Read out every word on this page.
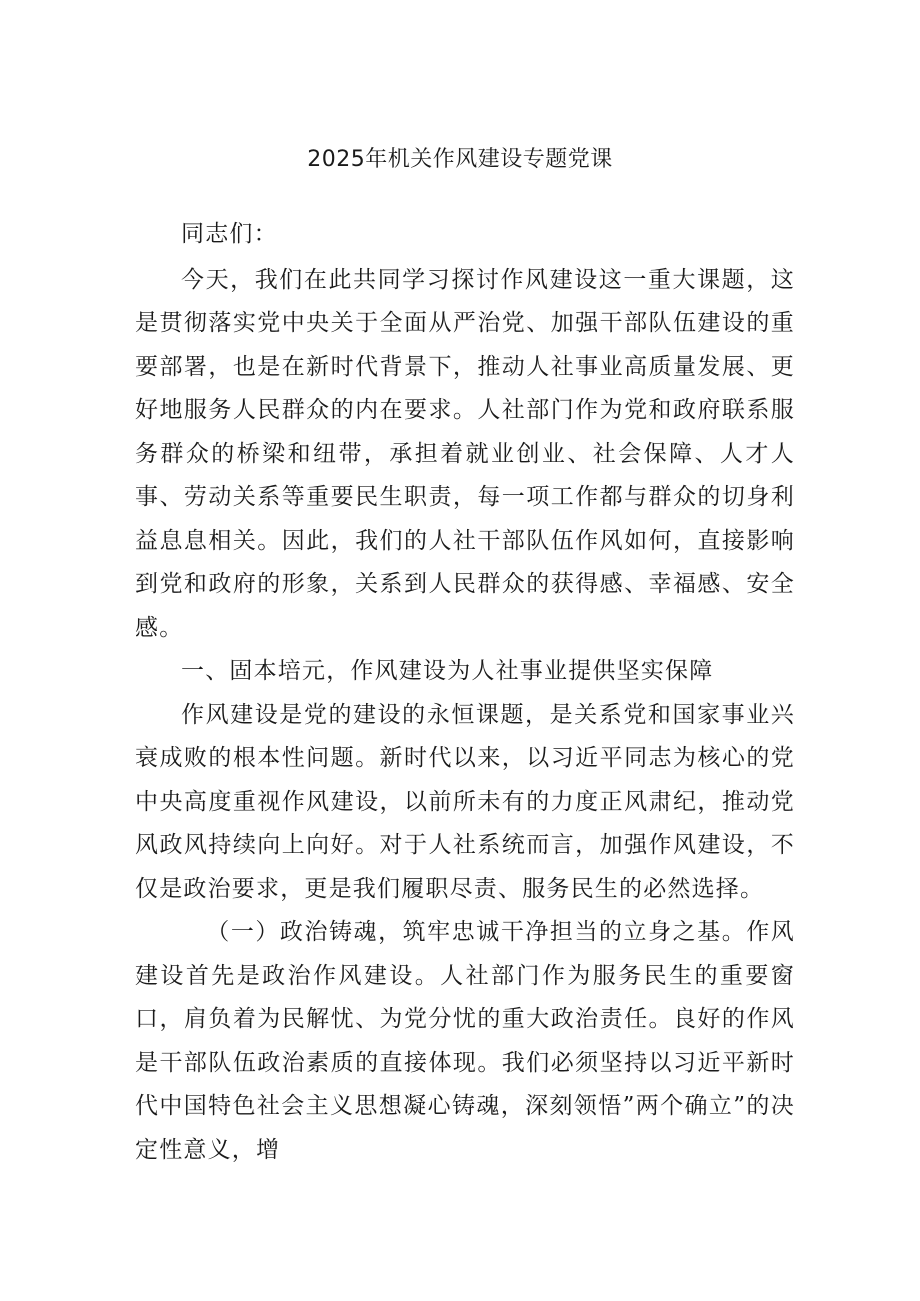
2025年机关作风建设专题党课

同志们：

今天，我们在此共同学习探讨作风建设这一重大课题，这是贯彻落实党中央关于全面从严治党、加强干部队伍建设的重要部署，也是在新时代背景下，推动人社事业高质量发展、更好地服务人民群众的内在要求。人社部门作为党和政府联系服务群众的桥梁和纽带，承担着就业创业、社会保障、人才人事、劳动关系等重要民生职责，每一项工作都与群众的切身利益息息相关。因此，我们的人社干部队伍作风如何，直接影响到党和政府的形象，关系到人民群众的获得感、幸福感、安全感。

一、固本培元，作风建设为人社事业提供坚实保障

作风建设是党的建设的永恒课题，是关系党和国家事业兴衰成败的根本性问题。新时代以来，以习近平同志为核心的党中央高度重视作风建设，以前所未有的力度正风肃纪，推动党风政风持续向上向好。对于人社系统而言，加强作风建设，不仅是政治要求，更是我们履职尽责、服务民生的必然选择。

（一）政治铸魂，筑牢忠诚干净担当的立身之基。作风建设首先是政治作风建设。人社部门作为服务民生的重要窗口，肩负着为民解忧、为党分忧的重大政治责任。良好的作风是干部队伍政治素质的直接体现。我们必须坚持以习近平新时代中国特色社会主义思想凝心铸魂，深刻领悟”两个确立”的决定性意义，增
